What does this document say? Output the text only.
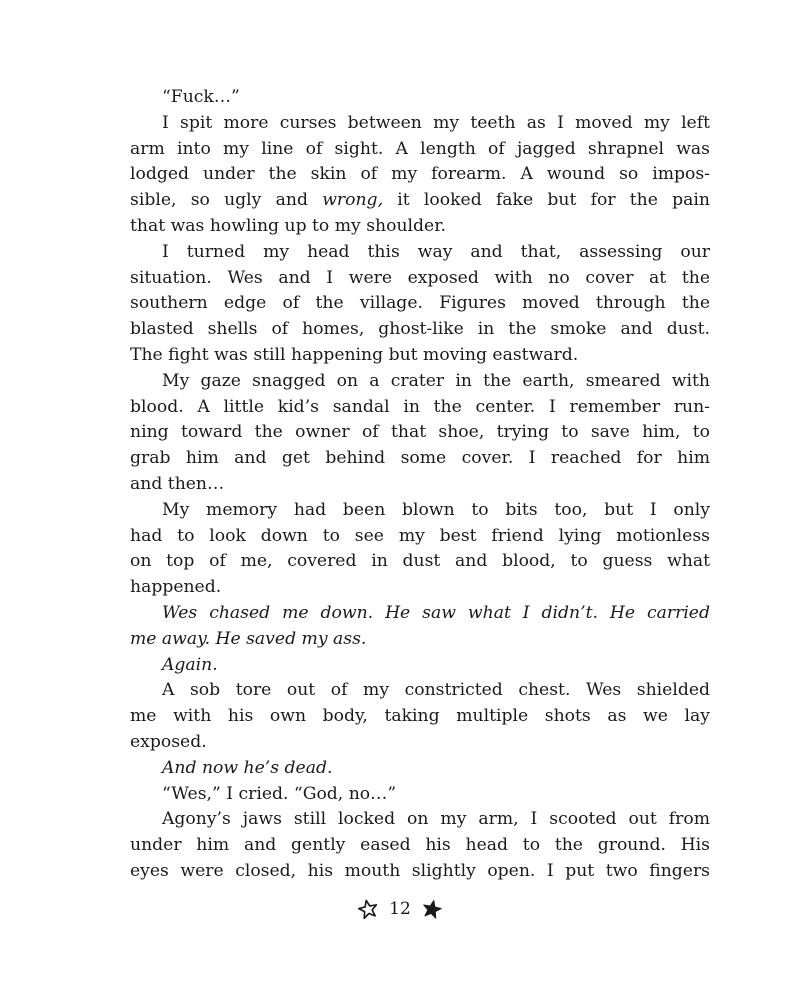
“Fuck…”
I spit more curses between my teeth as I moved my left
arm into my line of sight. A length of jagged shrapnel was
lodged under the skin of my forearm. A wound so impos-
sible, so ugly and wrong, it looked fake but for the pain
that was howling up to my shoulder.
I turned my head this way and that, assessing our
situation. Wes and I were exposed with no cover at the
southern edge of the village. Figures moved through the
blasted shells of homes, ghost-like in the smoke and dust.
The fight was still happening but moving eastward.
My gaze snagged on a crater in the earth, smeared with
blood. A little kid’s sandal in the center. I remember run-
ning toward the owner of that shoe, trying to save him, to
grab him and get behind some cover. I reached for him
and then…
My memory had been blown to bits too, but I only
had to look down to see my best friend lying motionless
on top of me, covered in dust and blood, to guess what
happened.
Wes chased me down. He saw what I didn’t. He carried
me away. He saved my ass.
Again.
A sob tore out of my constricted chest. Wes shielded
me with his own body, taking multiple shots as we lay
exposed.
And now he’s dead.
“Wes,” I cried. “God, no…”
Agony’s jaws still locked on my arm, I scooted out from
under him and gently eased his head to the ground. His
eyes were closed, his mouth slightly open. I put two fingers
12
